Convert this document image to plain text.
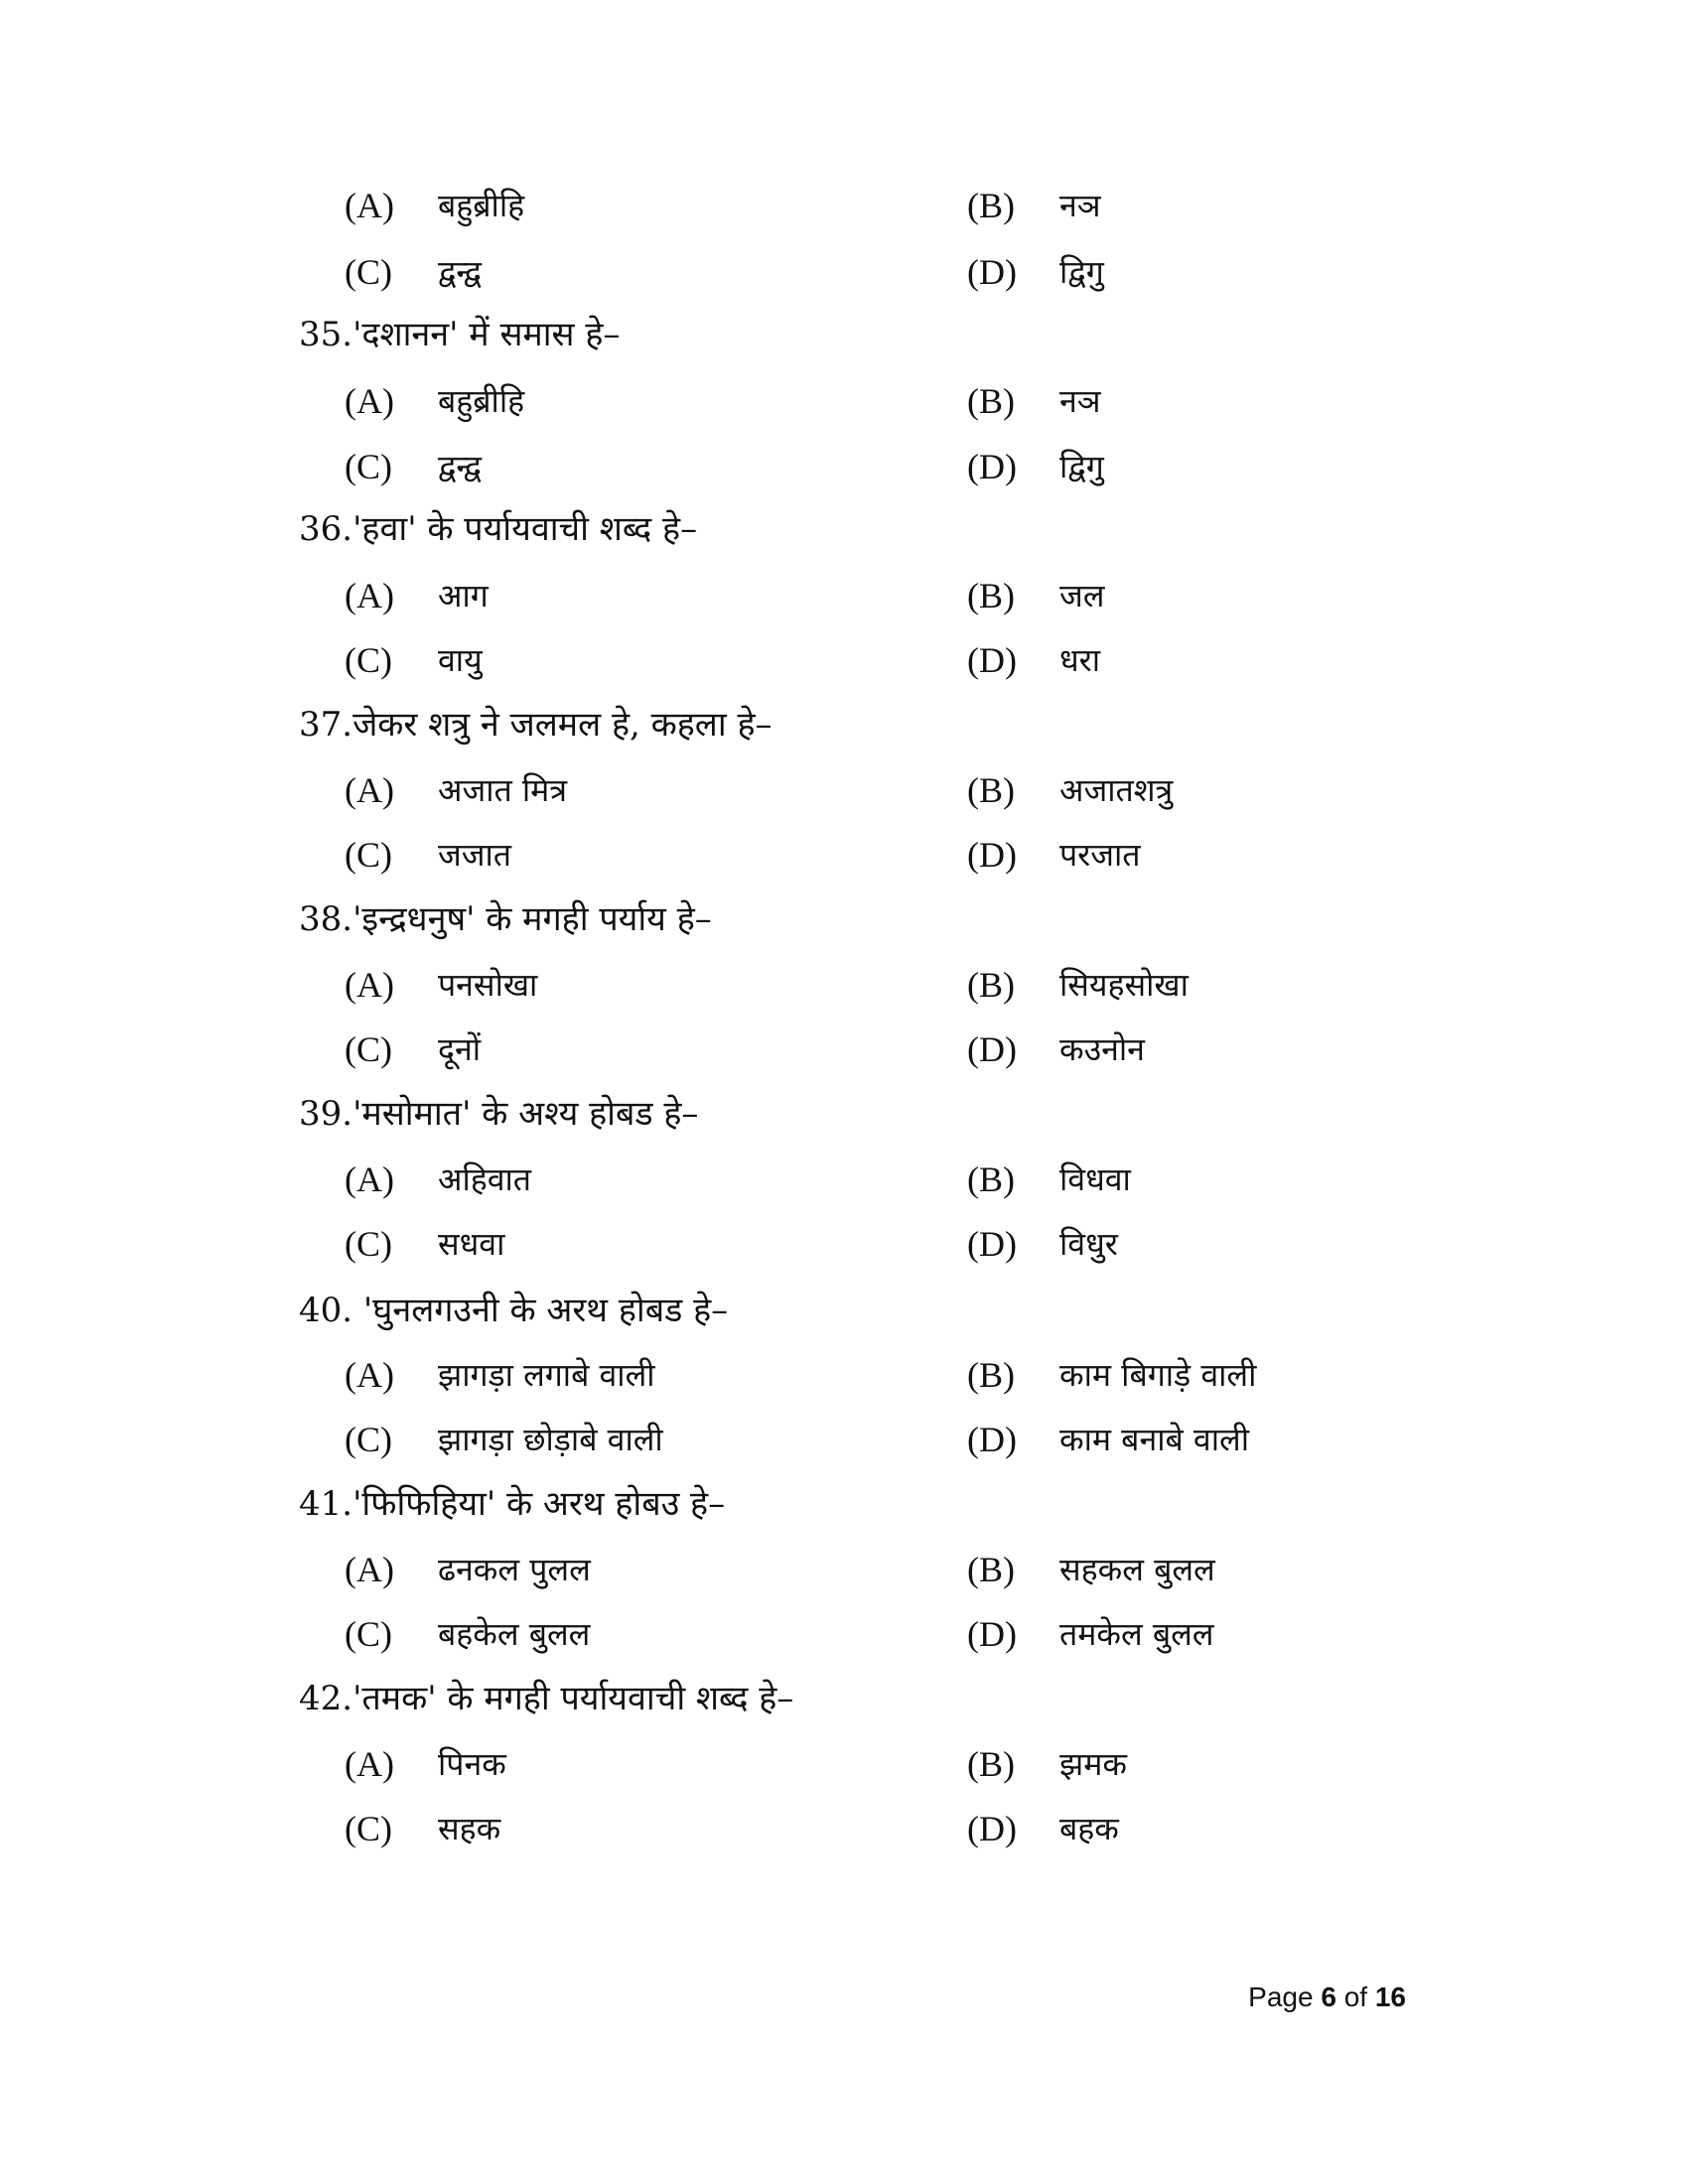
(A) बहुब्रीहि	(B) नञ
(C) द्वन्द्व	(D) द्विगु
35.'दशानन' में समास हे–
(A) बहुब्रीहि	(B) नञ
(C) द्वन्द्व	(D) द्विगु
36.'हवा' के पर्यायवाची शब्द हे–
(A) आग	(B) जल
(C) वायु	(D) धरा
37.जेकर शत्रु ने जलमल हे, कहला हे–
(A) अजात मित्र	(B) अजातशत्रु
(C) जजात	(D) परजात
38.'इन्द्रधनुष' के मगही पर्याय हे–
(A) पनसोखा	(B) सियहसोखा
(C) दूनों	(D) कउनोन
39.'मसोमात' के अश्य होबड हे–
(A) अहिवात	(B) विधवा
(C) सधवा	(D) विधुर
40. 'घुनलगउनी के अरथ होबड हे–
(A) झागड़ा लगाबे वाली	(B) काम बिगाड़े वाली
(C) झागड़ा छोड़ाबे वाली	(D) काम बनाबे वाली
41.'फिफिहिया' के अरथ होबउ हे–
(A) ढनकल पुलल	(B) सहकल बुलल
(C) बहकेल बुलल	(D) तमकेल बुलल
42.'तमक' के मगही पर्यायवाची शब्द हे–
(A) पिनक	(B) झमक
(C) सहक	(D) बहक
Page 6 of 16
